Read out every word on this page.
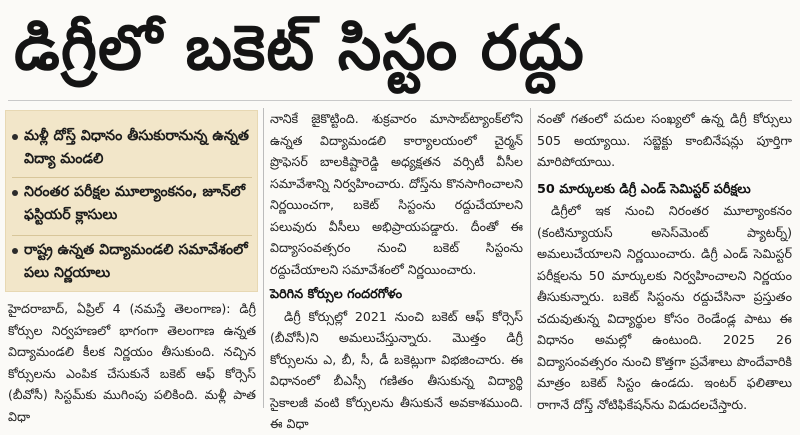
డిగ్రీలో బకెట్ సిస్టం రద్దు
మళ్లీ దోస్త్ విధానం తీసుకురానున్న ఉన్నత విద్యా మండలి
నిరంతర పరీక్షల మూల్యాంకనం, జూన్‌లో ఫస్టియర్ క్లాసులు
రాష్ట్ర ఉన్నత విద్యామండలి సమావేశంలో పలు నిర్ణయాలు

హైదరాబాద్, ఏప్రిల్ 4 (నమస్తే తెలంగాణ): డిగ్రీ కోర్సుల నిర్వహణలో భాగంగా తెలంగాణ ఉన్నత విద్యామండలి కీలక నిర్ణయం తీసుకుంది. నచ్చిన కోర్సులను ఎంపిక చేసుకునే బకెట్ ఆఫ్ కోర్సెస్ (బీవోసీ) సిస్టమ్‌కు ముగింపు పలికింది. మళ్లీ పాత విధా

నానికే జైకొట్టింది. శుక్రవారం మాసాబ్‌ట్యాంక్‌లోని ఉన్నత విద్యామండలి కార్యాలయంలో చైర్మన్ ప్రొఫెసర్ బాలకిష్టారెడ్డి అధ్యక్షతన వర్సిటీ వీసీల సమావేశాన్ని నిర్వహించారు. దోస్త్‌ను కొనసాగించాలని నిర్ణయించగా, బకెట్ సిస్టంను రద్దుచేయాలని పలువురు వీసీలు అభిప్రాయపడ్డారు. దీంతో ఈ విద్యాసంవత్సరం నుంచి బకెట్ సిస్టంను రద్దుచేయాలని సమావేశంలో నిర్ణయించారు.

పెరిగిన కోర్సుల గందరగోళం

డిగ్రీ కోర్సుల్లో 2021 నుంచి బకెట్ ఆఫ్ కోర్సెస్ (బీవోసీ)ని అమలుచేస్తున్నారు. మొత్తం డిగ్రీ కోర్సులను ఎ, బీ, సీ, డీ బకెట్లుగా విభజించారు. ఈ విధానంలో బీఎస్సీ గణితం తీసుకున్న విద్యార్థి సైకాలజీ వంటి కోర్సులను తీసుకునే అవకాశముంది. ఈ విధా

నంతో గతంలో పదుల సంఖ్యలో ఉన్న డిగ్రీ కోర్సులు 505 అయ్యాయి. సబ్జెక్టు కాంబినేషన్లు పూర్తిగా మారిపోయాయి.

50 మార్కులకు డిగ్రీ ఎండ్ సెమిస్టర్ పరీక్షలు

డిగ్రీలో ఇక నుంచి నిరంతర మూల్యాంకనం (కంటిన్యూయస్ అసెస్‌మెంట్ ప్యాటర్న్) అమలుచేయాలని నిర్ణయించారు. డిగ్రీ ఎండ్ సెమిస్టర్ పరీక్షలను 50 మార్కులకు నిర్వహించాలని నిర్ణయం తీసుకున్నారు. బకెట్ సిస్టంను రద్దుచేసినా ప్రస్తుతం చదువుతున్న విద్యార్థుల కోసం రెండేండ్ల పాటు ఈ విధానం అమల్లో ఉంటుంది. 2025 26 విద్యాసంవత్సరం నుంచి కొత్తగా ప్రవేశాలు పొందేవారికి మాత్రం బకెట్ సిస్టం ఉండదు. ఇంటర్ ఫలితాలు రాగానే దోస్త్ నోటిఫికేషన్‌ను విడుదలచేస్తారు.
